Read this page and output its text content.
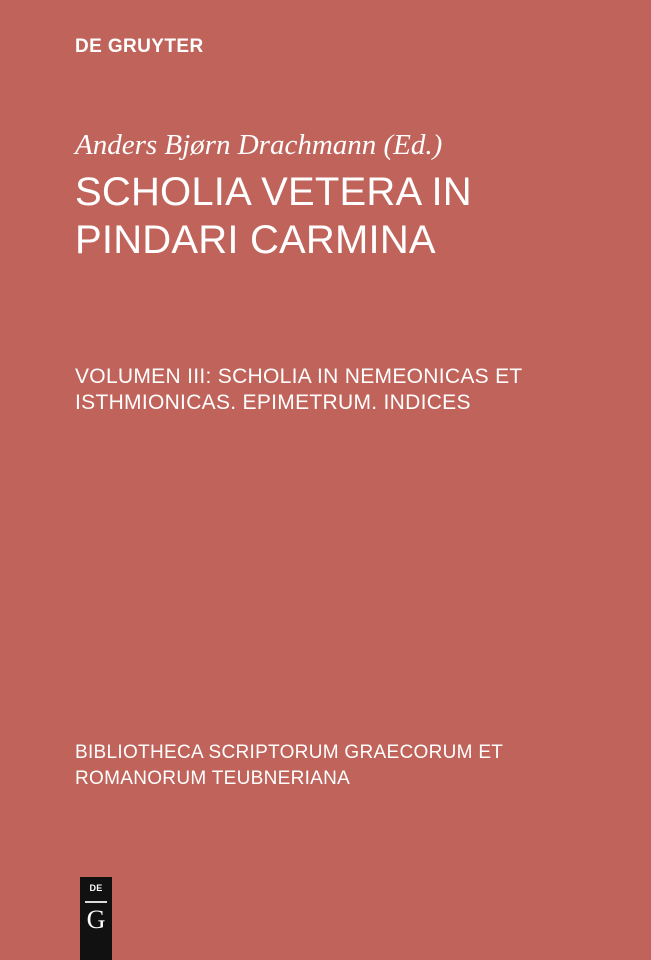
DE GRUYTER
Anders Bjørn Drachmann (Ed.)
SCHOLIA VETERA IN
PINDARI CARMINA
VOLUMEN III: SCHOLIA IN NEMEONICAS ET
ISTHMIONICAS. EPIMETRUM. INDICES
BIBLIOTHECA SCRIPTORUM GRAECORUM ET
ROMANORUM TEUBNERIANA
DE
G
